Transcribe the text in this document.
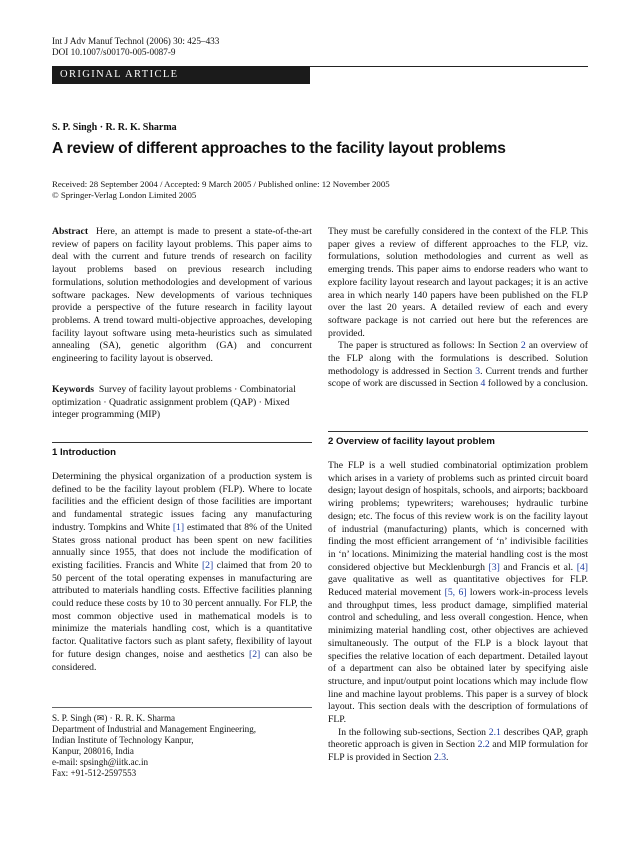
Int J Adv Manuf Technol (2006) 30: 425–433
DOI 10.1007/s00170-005-0087-9
ORIGINAL ARTICLE
S. P. Singh · R. R. K. Sharma
A review of different approaches to the facility layout problems
Received: 28 September 2004 / Accepted: 9 March 2005 / Published online: 12 November 2005
© Springer-Verlag London Limited 2005

Abstract Here, an attempt is made to present a state-of-the-art review of papers on facility layout problems. This paper aims to deal with the current and future trends of research on facility layout problems based on previous research including formulations, solution methodologies and development of various software packages. New developments of various techniques provide a perspective of the future research in facility layout problems. A trend toward multi-objective approaches, developing facility layout software using meta-heuristics such as simulated annealing (SA), genetic algorithm (GA) and concurrent engineering to facility layout is observed.

Keywords Survey of facility layout problems · Combinatorial optimization · Quadratic assignment problem (QAP) · Mixed integer programming (MIP)

1 Introduction

Determining the physical organization of a production system is defined to be the facility layout problem (FLP). Where to locate facilities and the efficient design of those facilities are important and fundamental strategic issues facing any manufacturing industry. Tompkins and White [1] estimated that 8% of the United States gross national product has been spent on new facilities annually since 1955, that does not include the modification of existing facilities. Francis and White [2] claimed that from 20 to 50 percent of the total operating expenses in manufacturing are attributed to materials handling costs. Effective facilities planning could reduce these costs by 10 to 30 percent annually. For FLP, the most common objective used in mathematical models is to minimize the materials handling cost, which is a quantitative factor. Qualitative factors such as plant safety, flexibility of layout for future design changes, noise and aesthetics [2] can also be considered.

S. P. Singh (✉) · R. R. K. Sharma
Department of Industrial and Management Engineering,
Indian Institute of Technology Kanpur,
Kanpur, 208016, India
e-mail: spsingh@iitk.ac.in
Fax: +91-512-2597553

They must be carefully considered in the context of the FLP. This paper gives a review of different approaches to the FLP, viz. formulations, solution methodologies and current as well as emerging trends. This paper aims to endorse readers who want to explore facility layout research and layout packages; it is an active area in which nearly 140 papers have been published on the FLP over the last 20 years. A detailed review of each and every software package is not carried out here but the references are provided.

The paper is structured as follows: In Section 2 an overview of the FLP along with the formulations is described. Solution methodology is addressed in Section 3. Current trends and further scope of work are discussed in Section 4 followed by a conclusion.

2 Overview of facility layout problem

The FLP is a well studied combinatorial optimization problem which arises in a variety of problems such as printed circuit board design; layout design of hospitals, schools, and airports; backboard wiring problems; typewriters; warehouses; hydraulic turbine design; etc. The focus of this review work is on the facility layout of industrial (manufacturing) plants, which is concerned with finding the most efficient arrangement of ‘n’ indivisible facilities in ‘n’ locations. Minimizing the material handling cost is the most considered objective but Mecklenburgh [3] and Francis et al. [4] gave qualitative as well as quantitative objectives for FLP. Reduced material movement [5, 6] lowers work-in-process levels and throughput times, less product damage, simplified material control and scheduling, and less overall congestion. Hence, when minimizing material handling cost, other objectives are achieved simultaneously. The output of the FLP is a block layout that specifies the relative location of each department. Detailed layout of a department can also be obtained later by specifying aisle structure, and input/output point locations which may include flow line and machine layout problems. This paper is a survey of block layout. This section deals with the description of formulations of FLP.

In the following sub-sections, Section 2.1 describes QAP, graph theoretic approach is given in Section 2.2 and MIP formulation for FLP is provided in Section 2.3.
